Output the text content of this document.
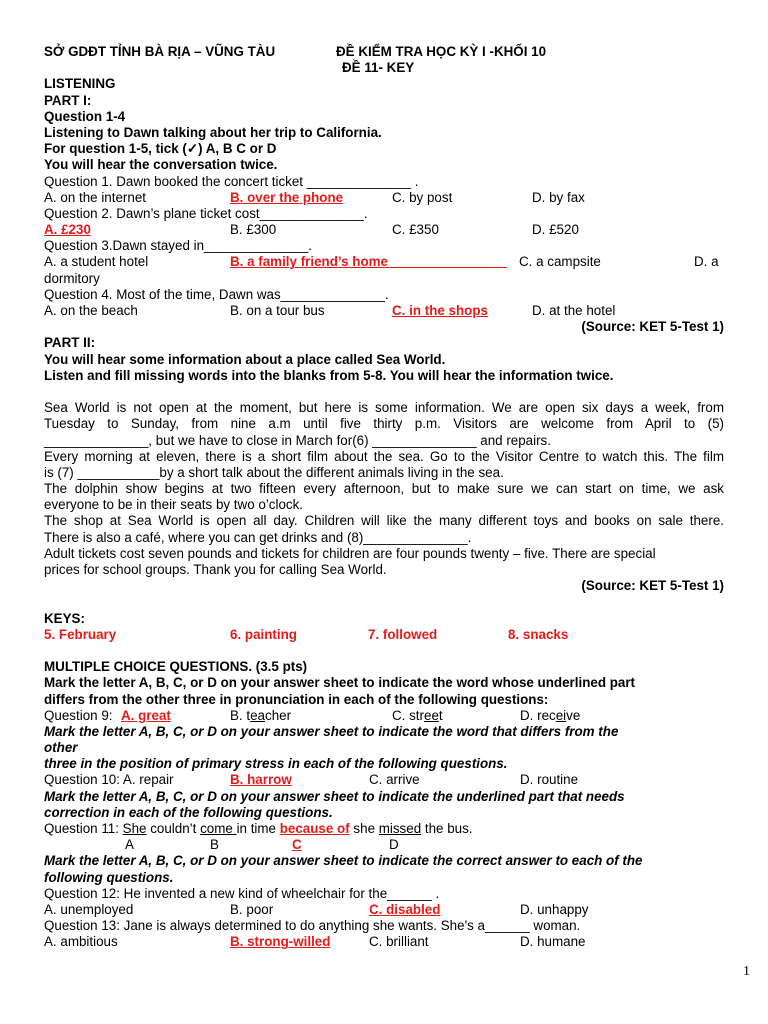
SỞ GDĐT TỈNH BÀ RỊA – VŨNG TÀU	ĐỀ KIỂM TRA HỌC KỲ I -KHỐI 10
ĐỀ 11- KEY
LISTENING
PART I:
Question 1-4
Listening to Dawn talking about her trip to California.
For question 1-5, tick (✓) A, B C or D
You will hear the conversation twice.
Question 1. Dawn booked the concert ticket ______________ .
A. on the internet	B. over the phone	C. by post	D. by fax
Question 2. Dawn’s plane ticket cost______________.
A. £230	B. £300	C. £350	D. £520
Question 3.Dawn stayed in______________.
A. a student hotel	B. a family friend’s home________________ C. a campsite	D. a
dormitory
Question 4. Most of the time, Dawn was______________.
A. on the beach	B. on a tour bus	C. in the shops	D. at the hotel
(Source: KET 5-Test 1)
PART II:
You will hear some information about a place called Sea World.
Listen and fill missing words into the blanks from 5-8. You will hear the information twice.
Sea World is not open at the moment, but here is some information. We are open six days a week, from
Tuesday to Sunday, from nine a.m until five thirty p.m. Visitors are welcome from April to (5)
______________, but we have to close in March for(6) ______________ and repairs.
Every morning at eleven, there is a short film about the sea. Go to the Visitor Centre to watch this. The film
is (7) ___________by a short talk about the different animals living in the sea.
The dolphin show begins at two fifteen every afternoon, but to make sure we can start on time, we ask
everyone to be in their seats by two o’clock.
The shop at Sea World is open all day. Children will like the many different toys and books on sale there.
There is also a café, where you can get drinks and (8)______________.
Adult tickets cost seven pounds and tickets for children are four pounds twenty – five. There are special
prices for school groups. Thank you for calling Sea World.
(Source: KET 5-Test 1)
KEYS:
5. February	6. painting	7. followed	8. snacks
MULTIPLE CHOICE QUESTIONS. (3.5 pts)
Mark the letter A, B, C, or D on your answer sheet to indicate the word whose underlined part
differs from the other three in pronunciation in each of the following questions:
Question 9: A. great	B. teacher	C. street	D. receive
Mark the letter A, B, C, or D on your answer sheet to indicate the word that differs from the
other
three in the position of primary stress in each of the following questions.
Question 10: A. repair	B. harrow	C. arrive	D. routine
Mark the letter A, B, C, or D on your answer sheet to indicate the underlined part that needs
correction in each of the following questions.
Question 11: She couldn’t come in time because of she missed the bus.
A	B	C	D
Mark the letter A, B, C, or D on your answer sheet to indicate the correct answer to each of the
following questions.
Question 12: He invented a new kind of wheelchair for the______ .
A. unemployed	B. poor	C. disabled	D. unhappy
Question 13: Jane is always determined to do anything she wants. She's a______ woman.
A. ambitious	B. strong-willed	C. brilliant	D. humane
1
